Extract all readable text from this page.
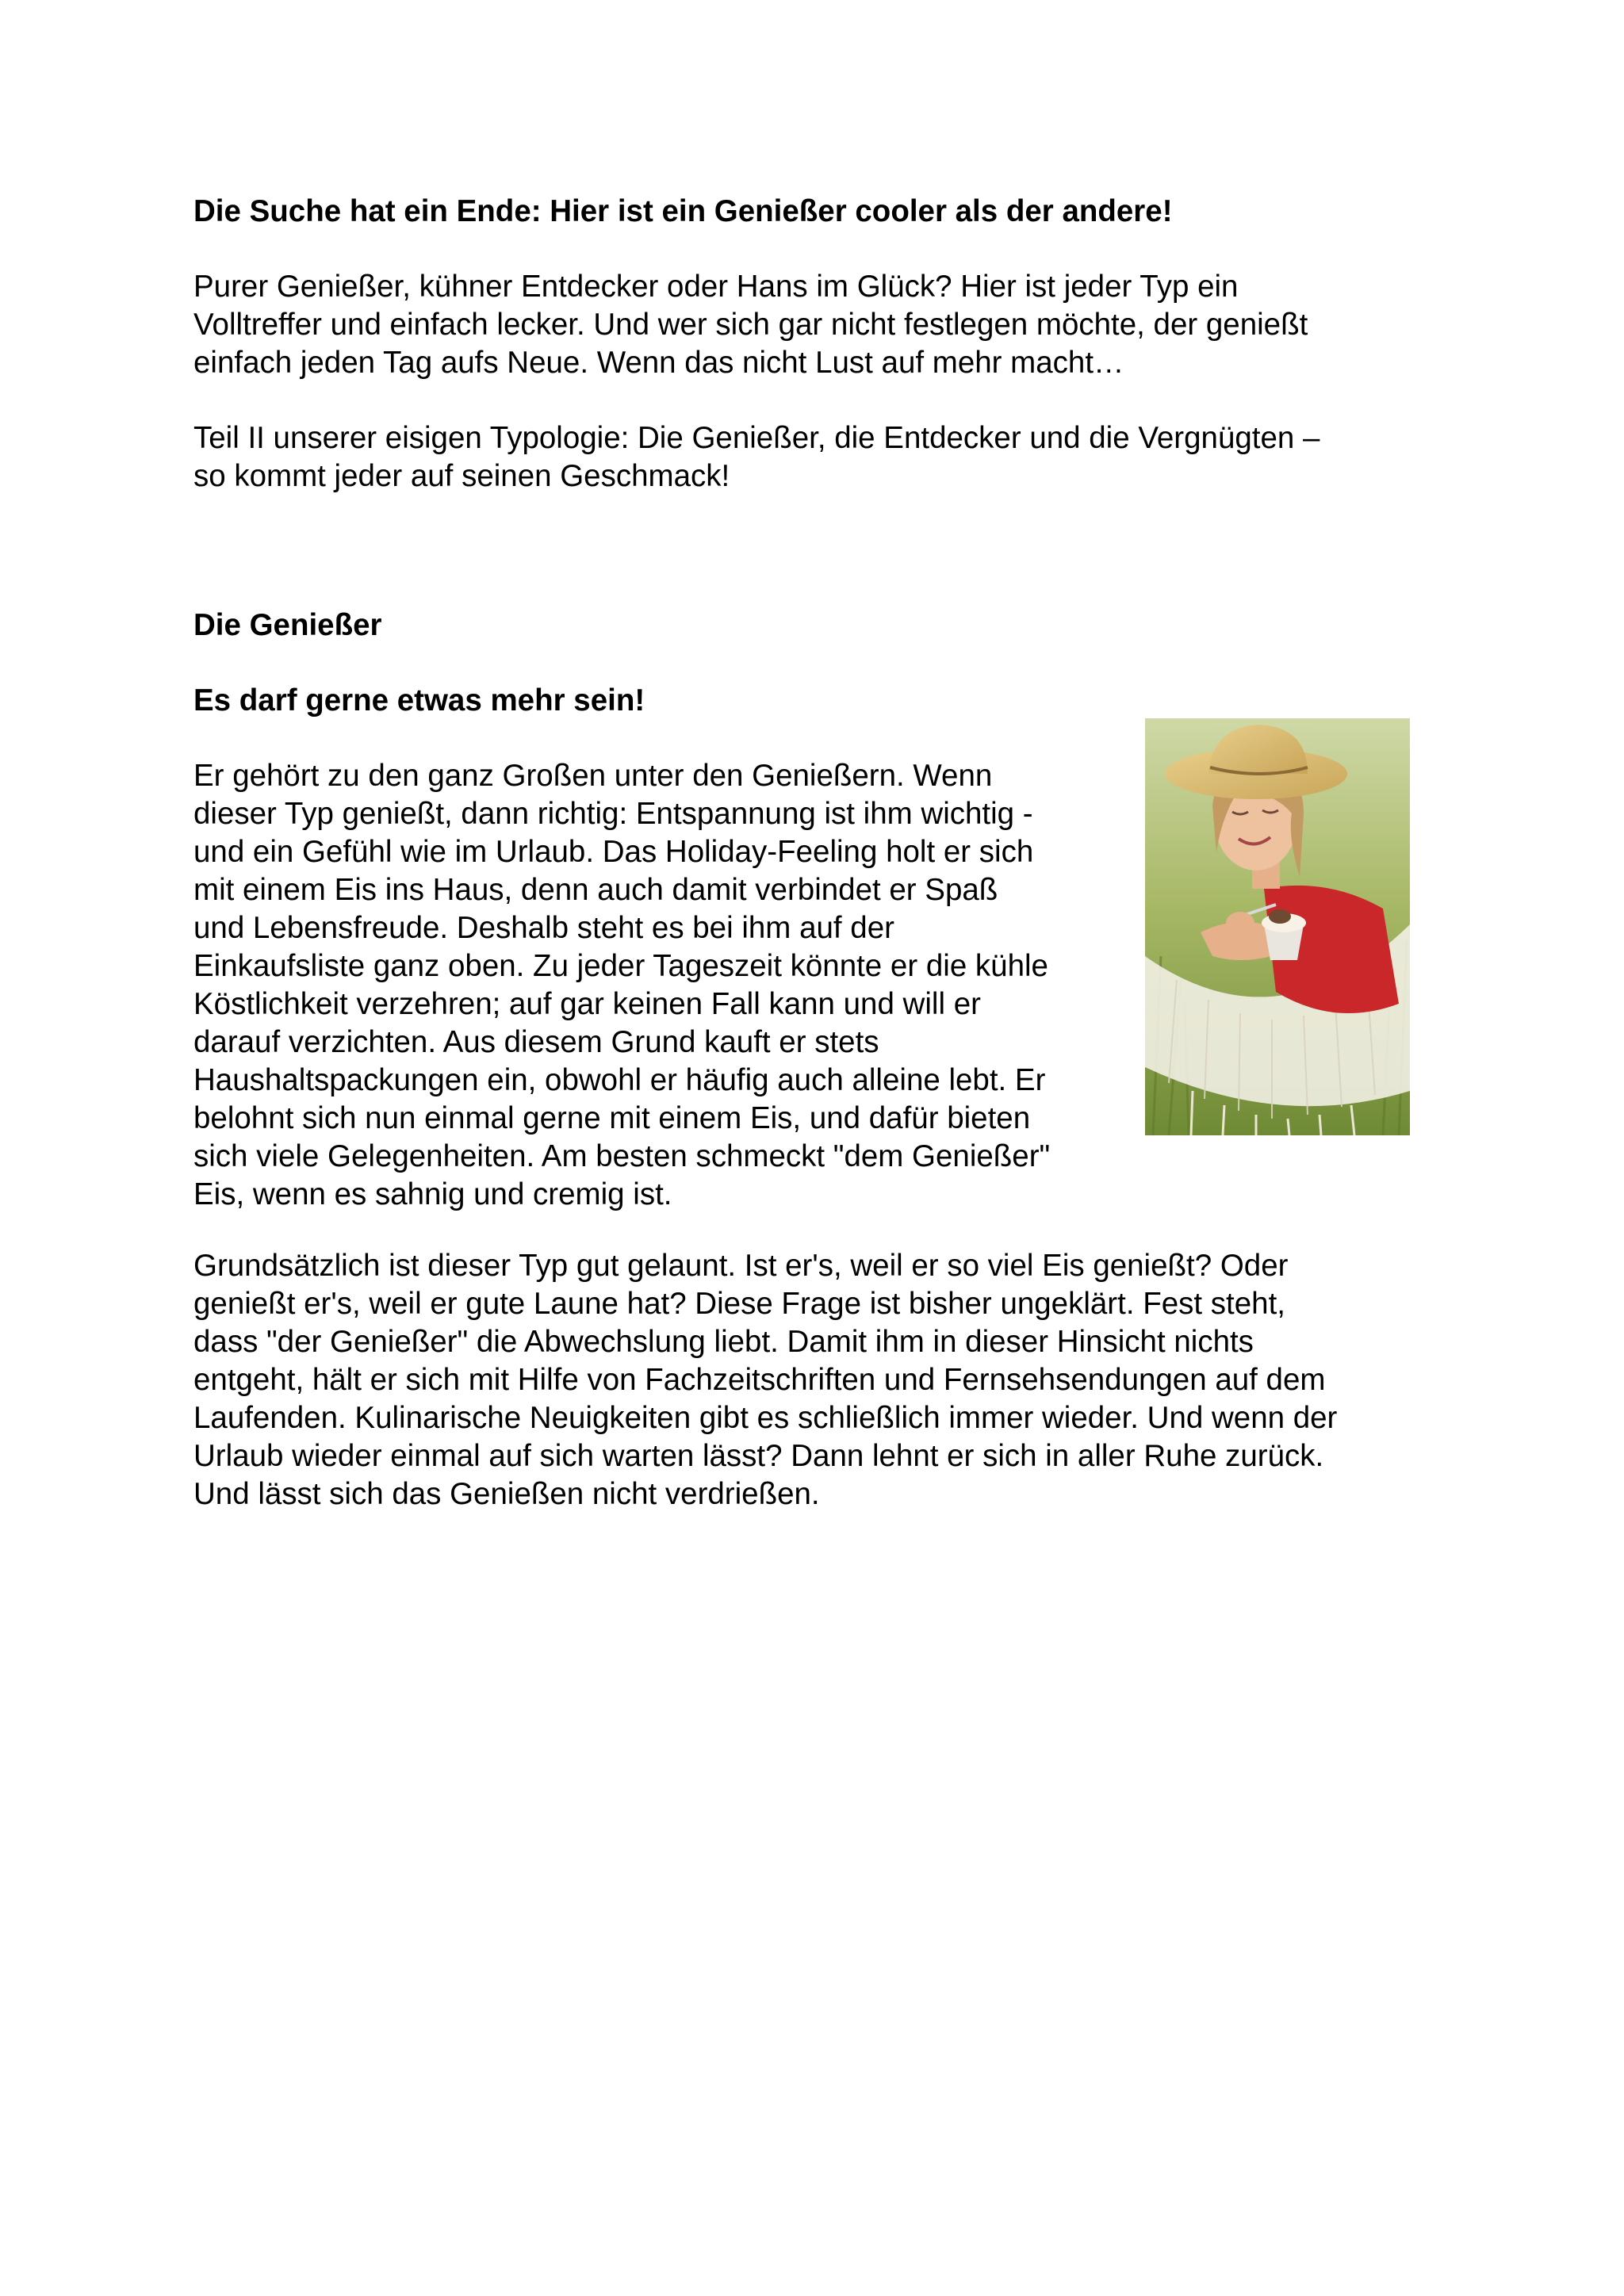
Die Suche hat ein Ende: Hier ist ein Genießer cooler als der andere!

Purer Genießer, kühner Entdecker oder Hans im Glück? Hier ist jeder Typ ein
Volltreffer und einfach lecker. Und wer sich gar nicht festlegen möchte, der genießt
einfach jeden Tag aufs Neue. Wenn das nicht Lust auf mehr macht…
Teil II unserer eisigen Typologie: Die Genießer, die Entdecker und die Vergnügten –
so kommt jeder auf seinen Geschmack!

Die Genießer

Es darf gerne etwas mehr sein!

Er gehört zu den ganz Großen unter den Genießern. Wenn
dieser Typ genießt, dann richtig: Entspannung ist ihm wichtig -
und ein Gefühl wie im Urlaub. Das Holiday-Feeling holt er sich
mit einem Eis ins Haus, denn auch damit verbindet er Spaß
und Lebensfreude. Deshalb steht es bei ihm auf der
Einkaufsliste ganz oben. Zu jeder Tageszeit könnte er die kühle
Köstlichkeit verzehren; auf gar keinen Fall kann und will er
darauf verzichten. Aus diesem Grund kauft er stets
Haushaltspackungen ein, obwohl er häufig auch alleine lebt. Er
belohnt sich nun einmal gerne mit einem Eis, und dafür bieten
sich viele Gelegenheiten. Am besten schmeckt "dem Genießer"
Eis, wenn es sahnig und cremig ist.
Grundsätzlich ist dieser Typ gut gelaunt. Ist er's, weil er so viel Eis genießt? Oder
genießt er's, weil er gute Laune hat? Diese Frage ist bisher ungeklärt. Fest steht,
dass "der Genießer" die Abwechslung liebt. Damit ihm in dieser Hinsicht nichts
entgeht, hält er sich mit Hilfe von Fachzeitschriften und Fernsehsendungen auf dem
Laufenden. Kulinarische Neuigkeiten gibt es schließlich immer wieder. Und wenn der
Urlaub wieder einmal auf sich warten lässt? Dann lehnt er sich in aller Ruhe zurück.
Und lässt sich das Genießen nicht verdrießen.
